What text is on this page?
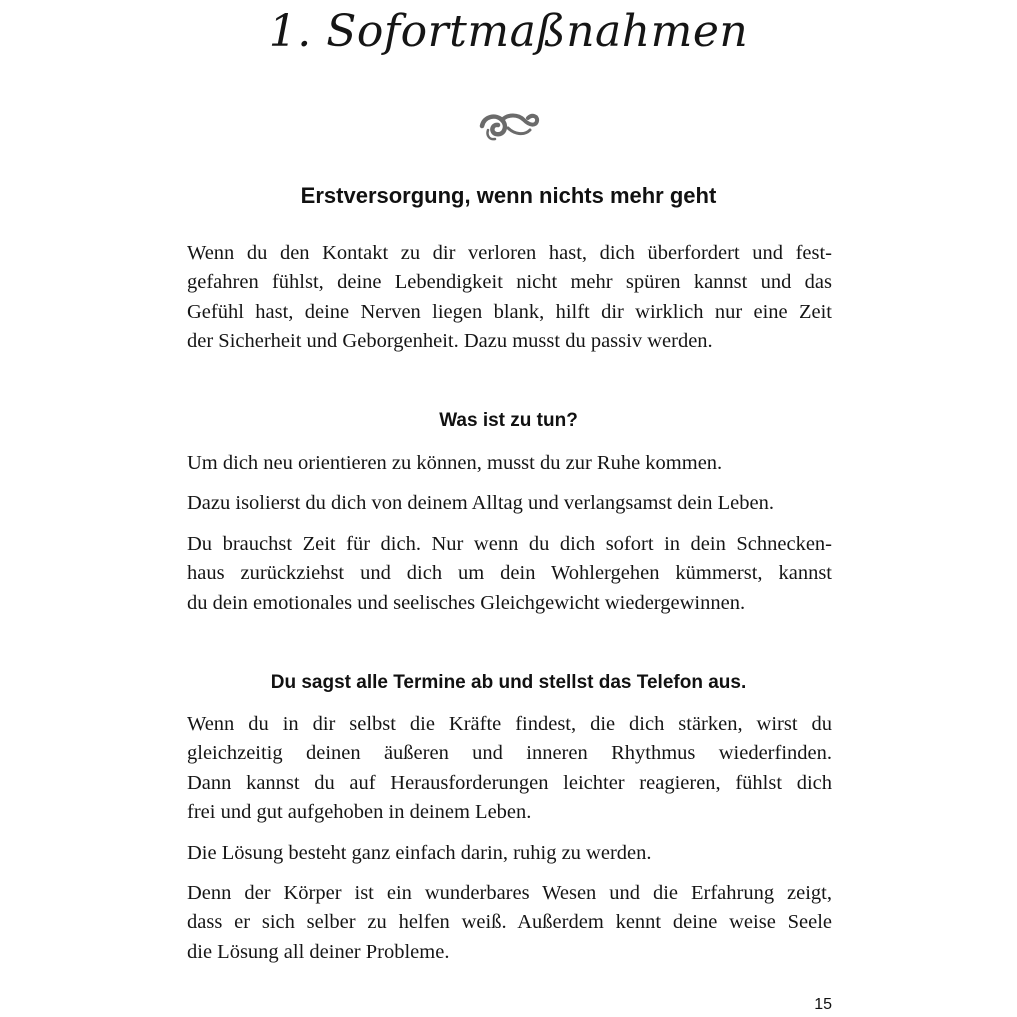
1. Sofortmaßnahmen
Erstversorgung, wenn nichts mehr geht
Wenn du den Kontakt zu dir verloren hast, dich überfordert und fest-
gefahren fühlst, deine Lebendigkeit nicht mehr spüren kannst und das
Gefühl hast, deine Nerven liegen blank, hilft dir wirklich nur eine Zeit
der Sicherheit und Geborgenheit. Dazu musst du passiv werden.
Was ist zu tun?
Um dich neu orientieren zu können, musst du zur Ruhe kommen.
Dazu isolierst du dich von deinem Alltag und verlangsamst dein Leben.
Du brauchst Zeit für dich. Nur wenn du dich sofort in dein Schnecken-
haus zurückziehst und dich um dein Wohlergehen kümmerst, kannst
du dein emotionales und seelisches Gleichgewicht wiedergewinnen.
Du sagst alle Termine ab und stellst das Telefon aus.
Wenn du in dir selbst die Kräfte findest, die dich stärken, wirst du
gleichzeitig deinen äußeren und inneren Rhythmus wiederfinden.
Dann kannst du auf Herausforderungen leichter reagieren, fühlst dich
frei und gut aufgehoben in deinem Leben.
Die Lösung besteht ganz einfach darin, ruhig zu werden.
Denn der Körper ist ein wunderbares Wesen und die Erfahrung zeigt,
dass er sich selber zu helfen weiß. Außerdem kennt deine weise Seele
die Lösung all deiner Probleme.
15
